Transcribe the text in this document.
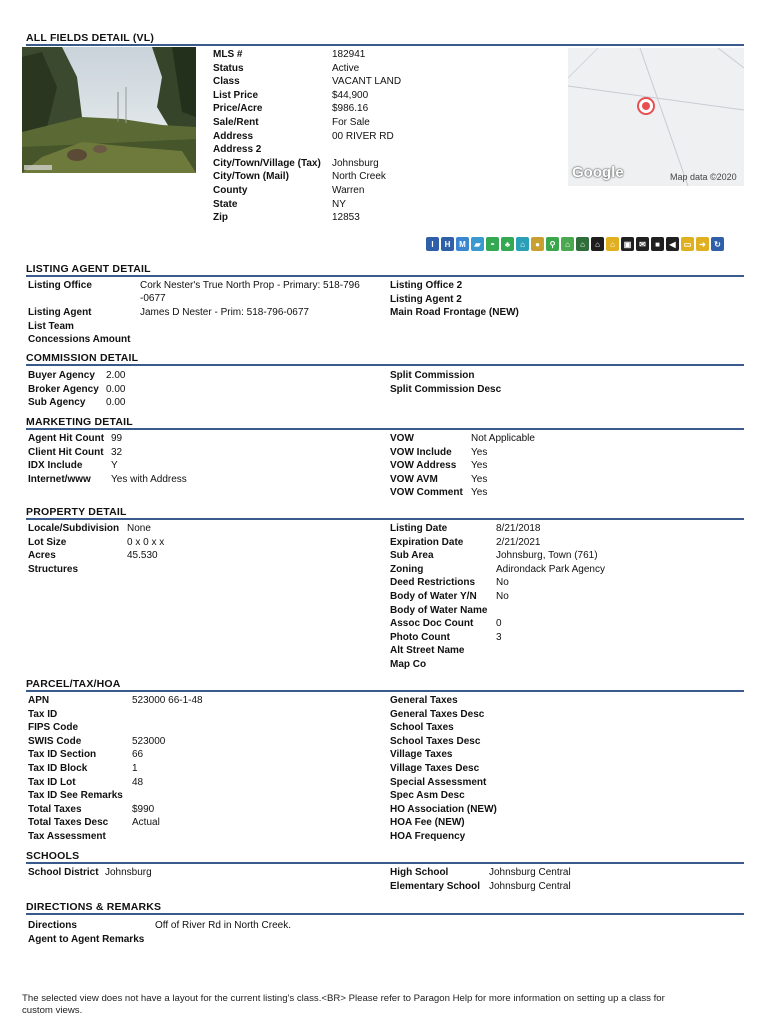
ALL FIELDS DETAIL (VL)
MLS #	182941
Status	Active
Class	VACANT LAND
List Price	$44,900
Price/Acre	$986.16
Sale/Rent	For Sale
Address	00 RIVER RD
Address 2
City/Town/Village (Tax) Johnsburg
City/Town (Mail)	North Creek
County	Warren
State	NY
Zip	12853
Google	Map data ©2020
I	H	M	▰	◓	♣	⌂	●	⚲	⌂	⌂	⌂	⌂	▣ ✉	■	◀	▭ ➜	↻
LISTING AGENT DETAIL
Listing Office	Cork Nester's True North Prop - Primary: 518-796
-0677
Listing Agent	James D Nester - Prim: 518-796-0677
List Team
Concessions Amount
Listing Office 2
Listing Agent 2
Main Road Frontage (NEW)
COMMISSION DETAIL
Buyer Agency 2.00
Broker Agency 0.00
Sub Agency 0.00
Split Commission
Split Commission Desc
MARKETING DETAIL
Agent Hit Count 99
Client Hit Count 32
IDX Include	Y
Internet/www Yes with Address
VOW	Not Applicable
VOW Include Yes
VOW Address Yes
VOW AVM	Yes
VOW Comment Yes
PROPERTY DETAIL
Locale/Subdivision None
Lot Size	0 x 0 x x
Acres	45.530
Structures
Listing Date	8/21/2018
Expiration Date	2/21/2021
Sub Area	Johnsburg, Town (761)
Zoning	Adirondack Park Agency
Deed Restrictions No
Body of Water Y/N No
Body of Water Name
Assoc Doc Count 0
Photo Count	3
Alt Street Name
Map Co
PARCEL/TAX/HOA
APN	523000 66-1-48
Tax ID
FIPS Code
SWIS Code	523000
Tax ID Section	66
Tax ID Block	1
Tax ID Lot	48
Tax ID See Remarks
Total Taxes	$990
Total Taxes Desc Actual
Tax Assessment
General Taxes
General Taxes Desc
School Taxes
School Taxes Desc
Village Taxes
Village Taxes Desc
Special Assessment
Spec Asm Desc
HO Association (NEW)
HOA Fee (NEW)
HOA Frequency
SCHOOLS
School District Johnsburg	High School	Johnsburg Central
Elementary School Johnsburg Central
DIRECTIONS & REMARKS
Directions	Off of River Rd in North Creek.
Agent to Agent Remarks
The selected view does not have a layout for the current listing's class.<BR> Please refer to Paragon Help for more information on setting up a class for
custom views.
